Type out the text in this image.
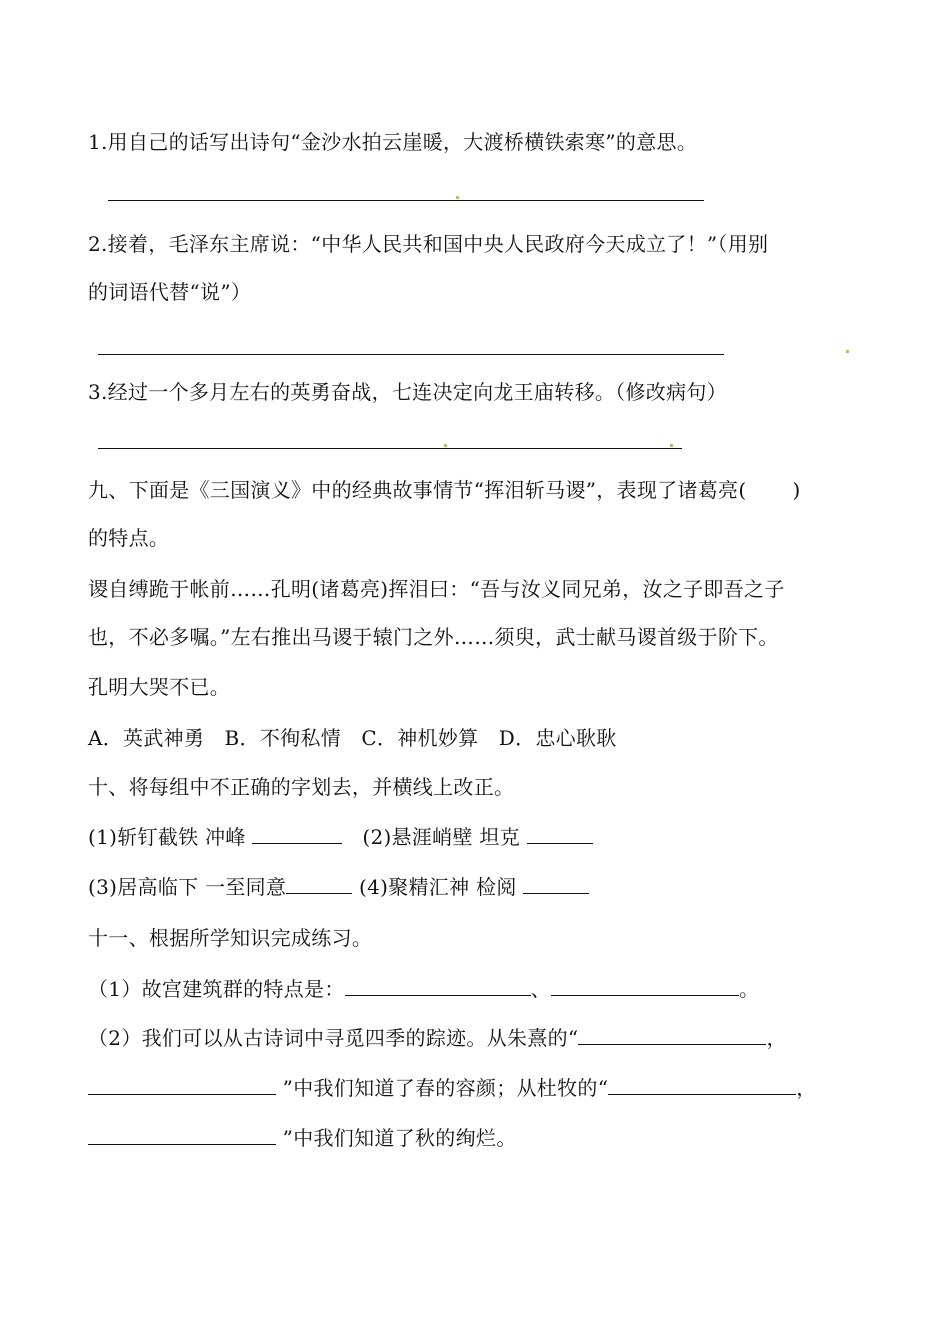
1.用自己的话写出诗句“金沙水拍云崖暖，大渡桥横铁索寒”的意思。
2.接着，毛泽东主席说：“中华人民共和国中央人民政府今天成立了！”（用别
的词语代替“说”）
3.经过一个多月左右的英勇奋战，七连决定向龙王庙转移。（修改病句）
九、下面是《三国演义》中的经典故事情节“挥泪斩马谡”，表现了诸葛亮( )
的特点。
谡自缚跪于帐前……孔明(诸葛亮)挥泪曰：“吾与汝义同兄弟，汝之子即吾之子
也，不必多嘱。”左右推出马谡于辕门之外……须臾，武士献马谡首级于阶下。
孔明大哭不已。
A．英武神勇　B．不徇私情　C．神机妙算　D．忠心耿耿
十、将每组中不正确的字划去，并横线上改正。
(1)斩钉截铁 冲峰	(2)悬涯峭壁 坦克
(3)居高临下 一至同意	(4)聚精汇神 检阅
十一、根据所学知识完成练习。
（1）故宫建筑群的特点是：	、	。
（2）我们可以从古诗词中寻觅四季的踪迹。从朱熹的“	，
”中我们知道了春的容颜；从杜牧的“	，
”中我们知道了秋的绚烂。
